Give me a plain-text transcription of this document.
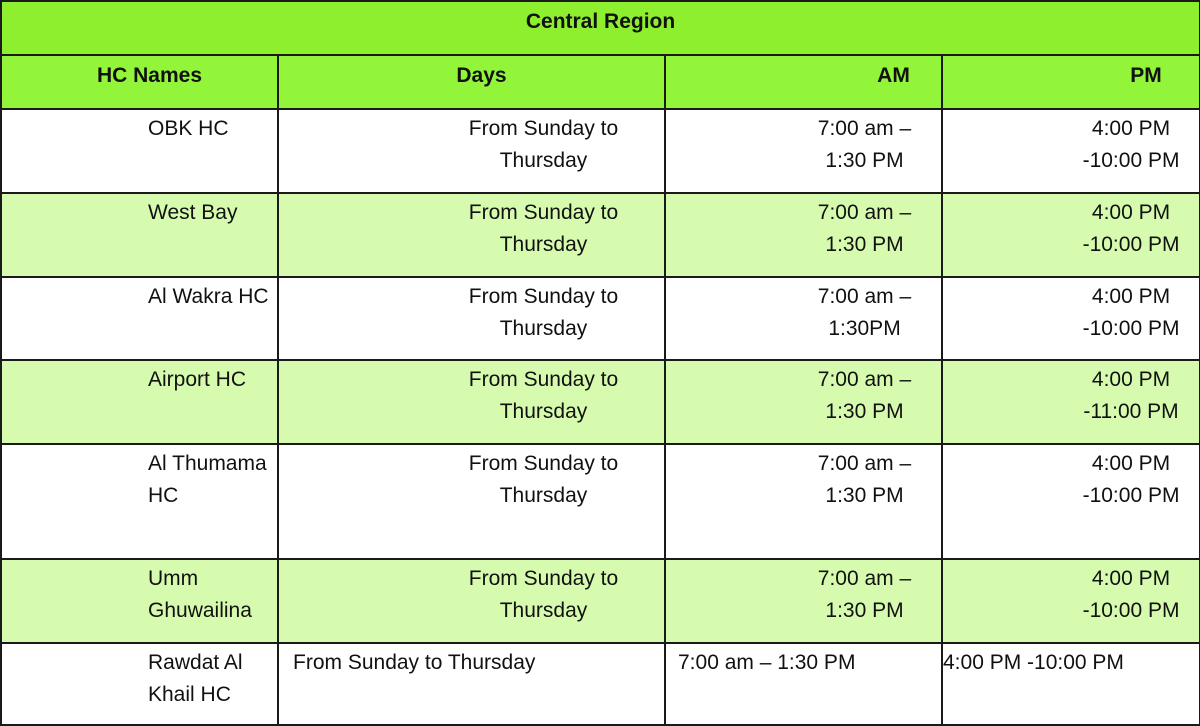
Central Region			
HC Names	Days	AM	PM
OBK HC	From Sunday to Thursday	7:00 am – 1:30 PM	4:00 PM -10:00 PM
West Bay	From Sunday to Thursday	7:00 am – 1:30 PM	4:00 PM -10:00 PM
Al Wakra HC	From Sunday to Thursday	7:00 am – 1:30PM	4:00 PM -10:00 PM
Airport HC	From Sunday to Thursday	7:00 am – 1:30 PM	4:00 PM -11:00 PM
Al Thumama HC	From Sunday to Thursday	7:00 am – 1:30 PM	4:00 PM -10:00 PM
Umm Ghuwailina	From Sunday to Thursday	7:00 am – 1:30 PM	4:00 PM -10:00 PM
Rawdat Al Khail HC	From Sunday to Thursday	7:00 am – 1:30 PM	4:00 PM -10:00 PM
